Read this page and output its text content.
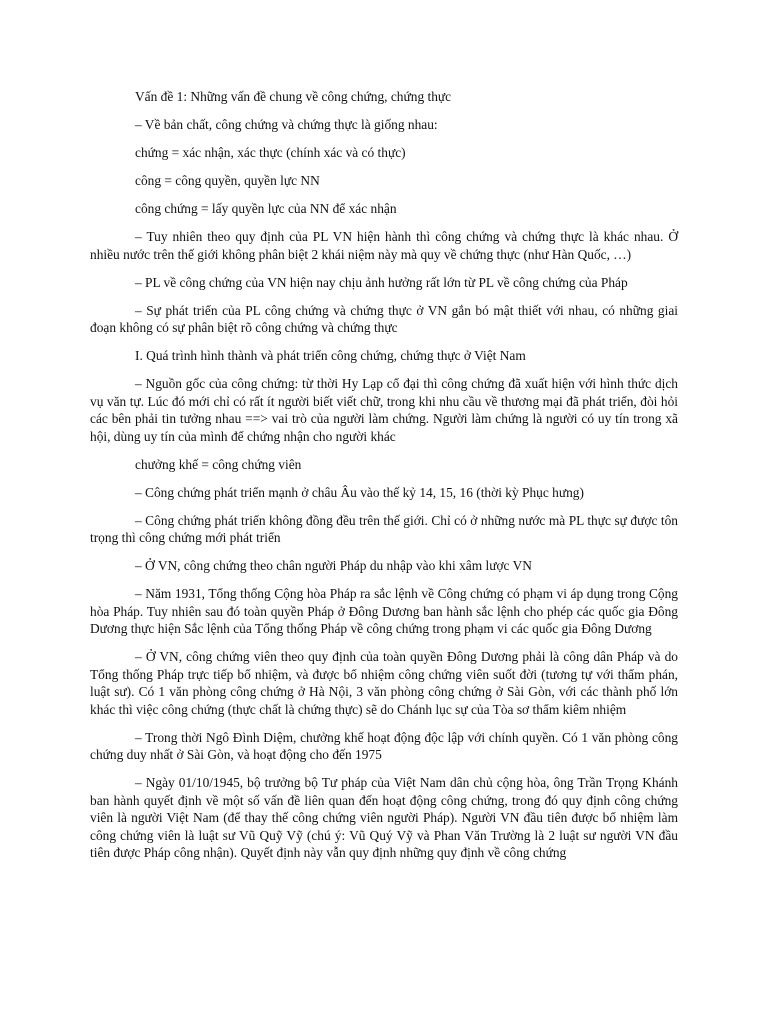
Vấn đề 1: Những vấn đề chung về công chứng, chứng thực

– Về bản chất, công chứng và chứng thực là giống nhau:

chứng = xác nhận, xác thực (chính xác và có thực)

công = công quyền, quyền lực NN

công chứng = lấy quyền lực của NN để xác nhận

– Tuy nhiên theo quy định của PL VN hiện hành thì công chứng và chứng thực là khác nhau. Ở nhiều nước trên thế giới không phân biệt 2 khái niệm này mà quy về chứng thực (như Hàn Quốc, …)

– PL về công chứng của VN hiện nay chịu ảnh hưởng rất lớn từ PL về công chứng của Pháp

– Sự phát triển của PL công chứng và chứng thực ở VN gắn bó mật thiết với nhau, có những giai đoạn không có sự phân biệt rõ công chứng và chứng thực

I. Quá trình hình thành và phát triển công chứng, chứng thực ở Việt Nam

– Nguồn gốc của công chứng: từ thời Hy Lạp cổ đại thì công chứng đã xuất hiện với hình thức dịch vụ văn tự. Lúc đó mới chỉ có rất ít người biết viết chữ, trong khi nhu cầu về thương mại đã phát triển, đòi hỏi các bên phải tin tưởng nhau ==> vai trò của người làm chứng. Người làm chứng là người có uy tín trong xã hội, dùng uy tín của mình để chứng nhận cho người khác

chưởng khế = công chứng viên

– Công chứng phát triển mạnh ở châu Âu vào thế kỷ 14, 15, 16 (thời kỳ Phục hưng)

– Công chứng phát triển không đồng đều trên thế giới. Chỉ có ở những nước mà PL thực sự được tôn trọng thì công chứng mới phát triển

– Ở VN, công chứng theo chân người Pháp du nhập vào khi xâm lược VN

– Năm 1931, Tổng thống Cộng hòa Pháp ra sắc lệnh về Công chứng có phạm vi áp dụng trong Cộng hòa Pháp. Tuy nhiên sau đó toàn quyền Pháp ở Đông Dương ban hành sắc lệnh cho phép các quốc gia Đông Dương thực hiện Sắc lệnh của Tổng thống Pháp về công chứng trong phạm vi các quốc gia Đông Dương

– Ở VN, công chứng viên theo quy định của toàn quyền Đông Dương phải là công dân Pháp và do Tổng thống Pháp trực tiếp bổ nhiệm, và được bổ nhiệm công chứng viên suốt đời (tương tự với thẩm phán, luật sư). Có 1 văn phòng công chứng ở Hà Nội, 3 văn phòng công chứng ở Sài Gòn, với các thành phố lớn khác thì việc công chứng (thực chất là chứng thực) sẽ do Chánh lục sự của Tòa sơ thẩm kiêm nhiệm

– Trong thời Ngô Đình Diệm, chưởng khế hoạt động độc lập với chính quyền. Có 1 văn phòng công chứng duy nhất ở Sài Gòn, và hoạt động cho đến 1975

– Ngày 01/10/1945, bộ trưởng bộ Tư pháp của Việt Nam dân chủ cộng hòa, ông Trần Trọng Khánh ban hành quyết định về một số vấn đề liên quan đến hoạt động công chứng, trong đó quy định công chứng viên là người Việt Nam (để thay thế công chứng viên người Pháp). Người VN đầu tiên được bổ nhiệm làm công chứng viên là luật sư Vũ Quỹ Vỹ (chú ý: Vũ Quý Vỹ và Phan Văn Trường là 2 luật sư người VN đầu tiên được Pháp công nhận). Quyết định này vẫn quy định những quy định về công chứng
